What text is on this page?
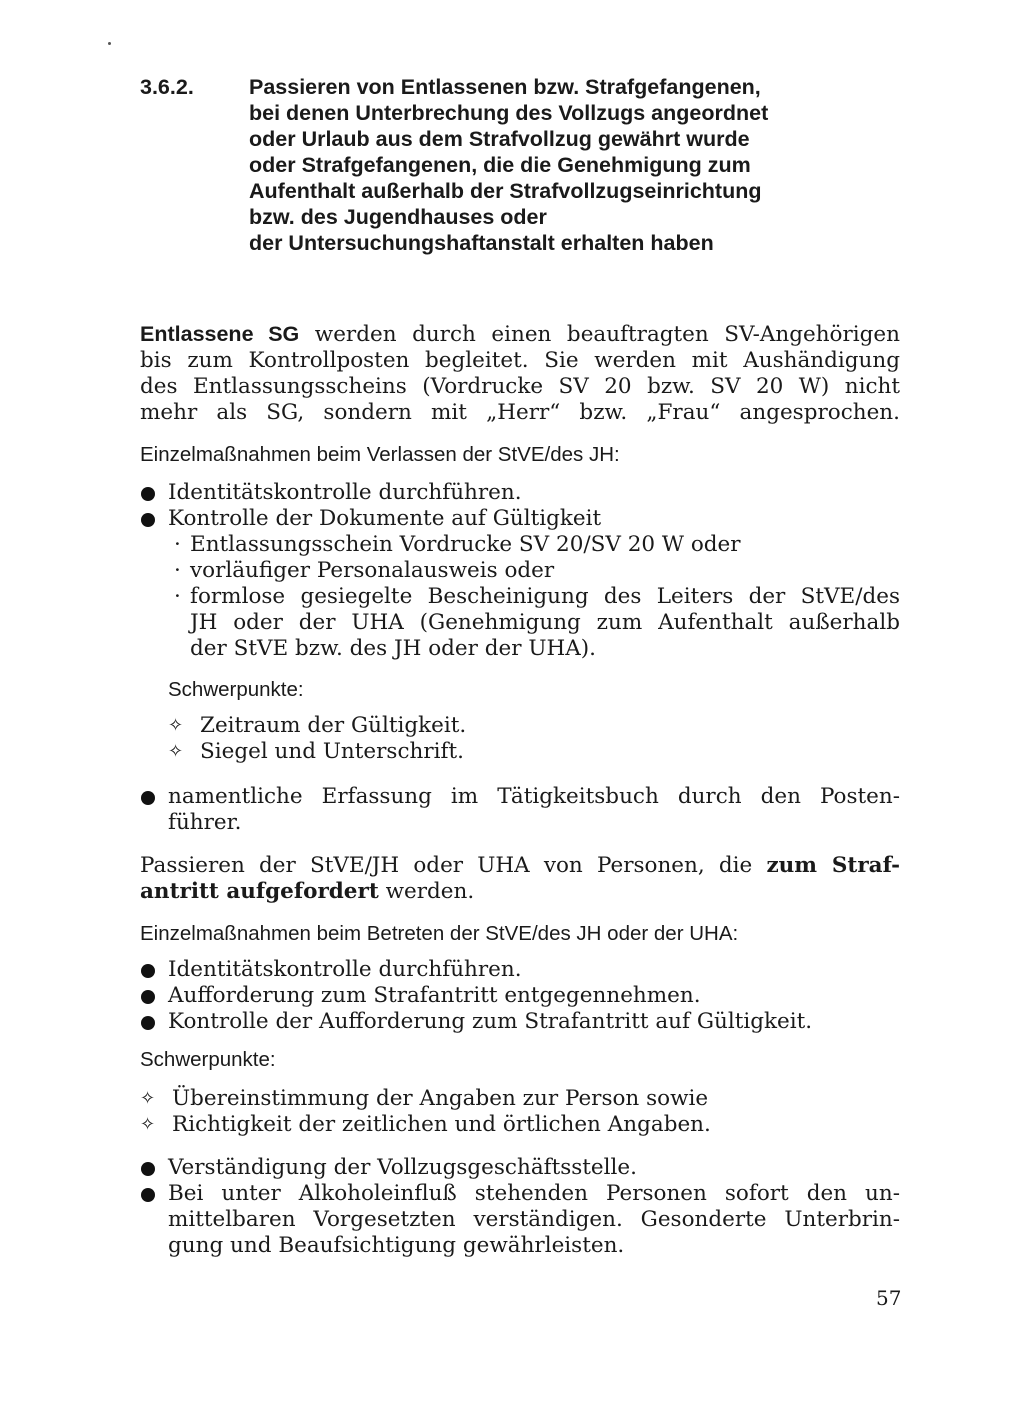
3.6.2.	Passieren von Entlassenen bzw. Strafgefangenen,
bei denen Unterbrechung des Vollzugs angeordnet
oder Urlaub aus dem Strafvollzug gewährt wurde
oder Strafgefangenen, die die Genehmigung zum
Aufenthalt außerhalb der Strafvollzugseinrichtung
bzw. des Jugendhauses oder
der Untersuchungshaftanstalt erhalten haben
Entlassene SG werden durch einen beauftragten SV-Angehörigen
bis zum Kontrollposten begleitet. Sie werden mit Aushändigung
des Entlassungsscheins (Vordrucke SV 20 bzw. SV 20 W) nicht
mehr als SG, sondern mit „Herr“ bzw. „Frau“ angesprochen.
Einzelmaßnahmen beim Verlassen der StVE/des JH:
Identitätskontrolle durchführen.
Kontrolle der Dokumente auf Gültigkeit
· Entlassungsschein Vordrucke SV 20/SV 20 W oder
· vorläufiger Personalausweis oder
· formlose gesiegelte Bescheinigung des Leiters der StVE/des
JH oder der UHA (Genehmigung zum Aufenthalt außerhalb
der StVE bzw. des JH oder der UHA).
Schwerpunkte:
✧ Zeitraum der Gültigkeit.
✧ Siegel und Unterschrift.
namentliche Erfassung im Tätigkeitsbuch durch den Posten-
führer.
Passieren der StVE/JH oder UHA von Personen, die zum Straf-
antritt aufgefordert werden.
Einzelmaßnahmen beim Betreten der StVE/des JH oder der UHA:
Identitätskontrolle durchführen.
Aufforderung zum Strafantritt entgegennehmen.
Kontrolle der Aufforderung zum Strafantritt auf Gültigkeit.
Schwerpunkte:
✧ Übereinstimmung der Angaben zur Person sowie
✧ Richtigkeit der zeitlichen und örtlichen Angaben.
Verständigung der Vollzugsgeschäftsstelle.
Bei unter Alkoholeinfluß stehenden Personen sofort den un-
mittelbaren Vorgesetzten verständigen. Gesonderte Unterbrin-
gung und Beaufsichtigung gewährleisten.
57
